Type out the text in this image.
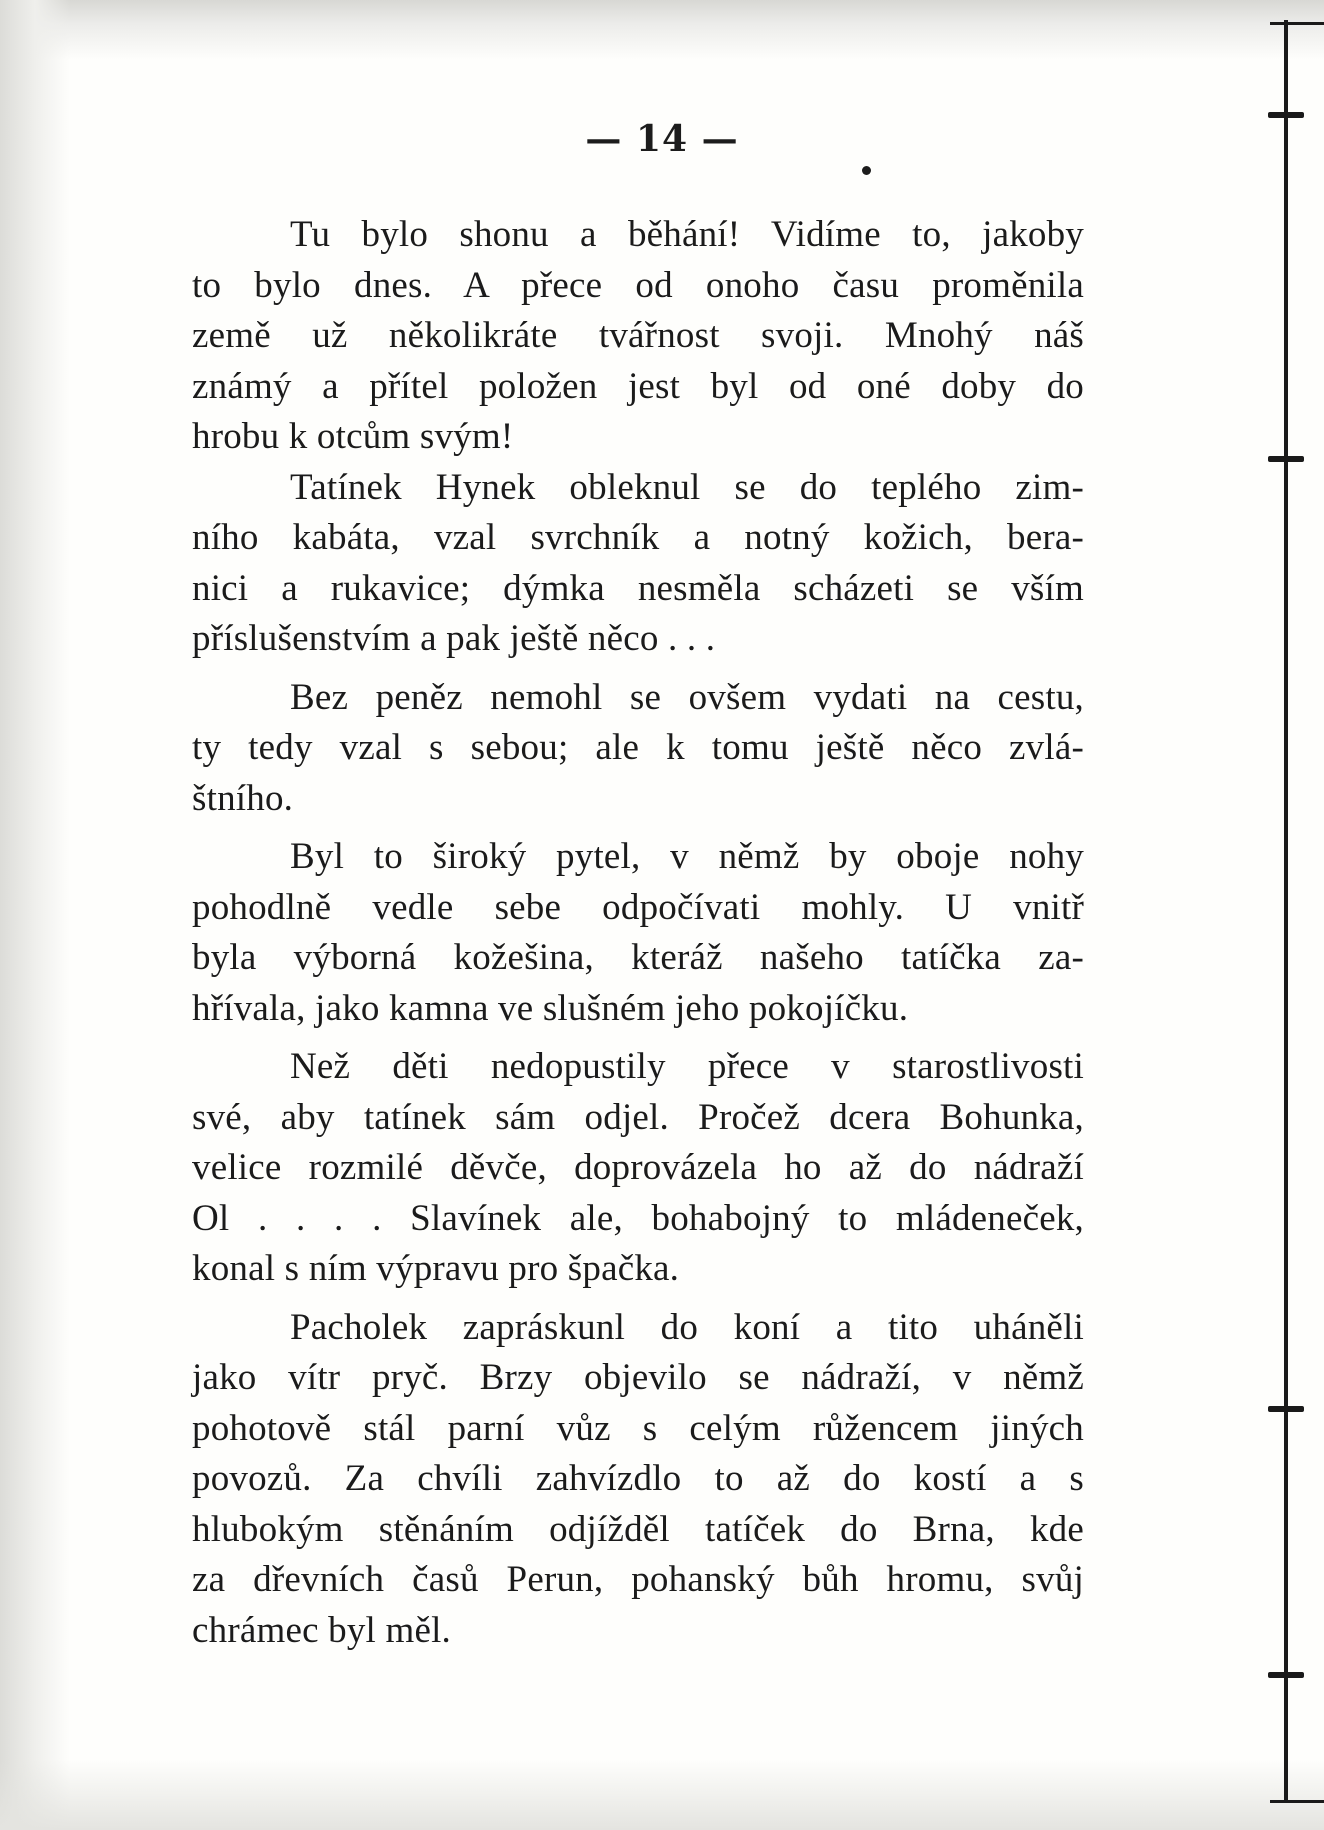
— 14 —
Tu bylo shonu a běhání! Vidíme to, jakoby
to bylo dnes. A přece od onoho času proměnila
země už několikráte tvářnost svoji. Mnohý náš
známý a přítel položen jest byl od oné doby do
hrobu k otcům svým!
Tatínek Hynek obleknul se do teplého zim-
ního kabáta, vzal svrchník a notný kožich, bera-
nici a rukavice; dýmka nesměla scházeti se vším
příslušenstvím a pak ještě něco . . .
Bez peněz nemohl se ovšem vydati na cestu,
ty tedy vzal s sebou; ale k tomu ještě něco zvlá-
štního.
Byl to široký pytel, v němž by oboje nohy
pohodlně vedle sebe odpočívati mohly. U vnitř
byla výborná kožešina, kteráž našeho tatíčka za-
hřívala, jako kamna ve slušném jeho pokojíčku.
Než děti nedopustily přece v starostlivosti
své, aby tatínek sám odjel. Pročež dcera Bohunka,
velice rozmilé děvče, doprovázela ho až do nádraží
Ol . . . . Slavínek ale, bohabojný to mládeneček,
konal s ním výpravu pro špačka.
Pacholek zapráskunl do koní a tito uháněli
jako vítr pryč. Brzy objevilo se nádraží, v němž
pohotově stál parní vůz s celým růžencem jiných
povozů. Za chvíli zahvízdlo to až do kostí a s
hlubokým stěnáním odjížděl tatíček do Brna, kde
za dřevních časů Perun, pohanský bůh hromu, svůj
chrámec byl měl.
